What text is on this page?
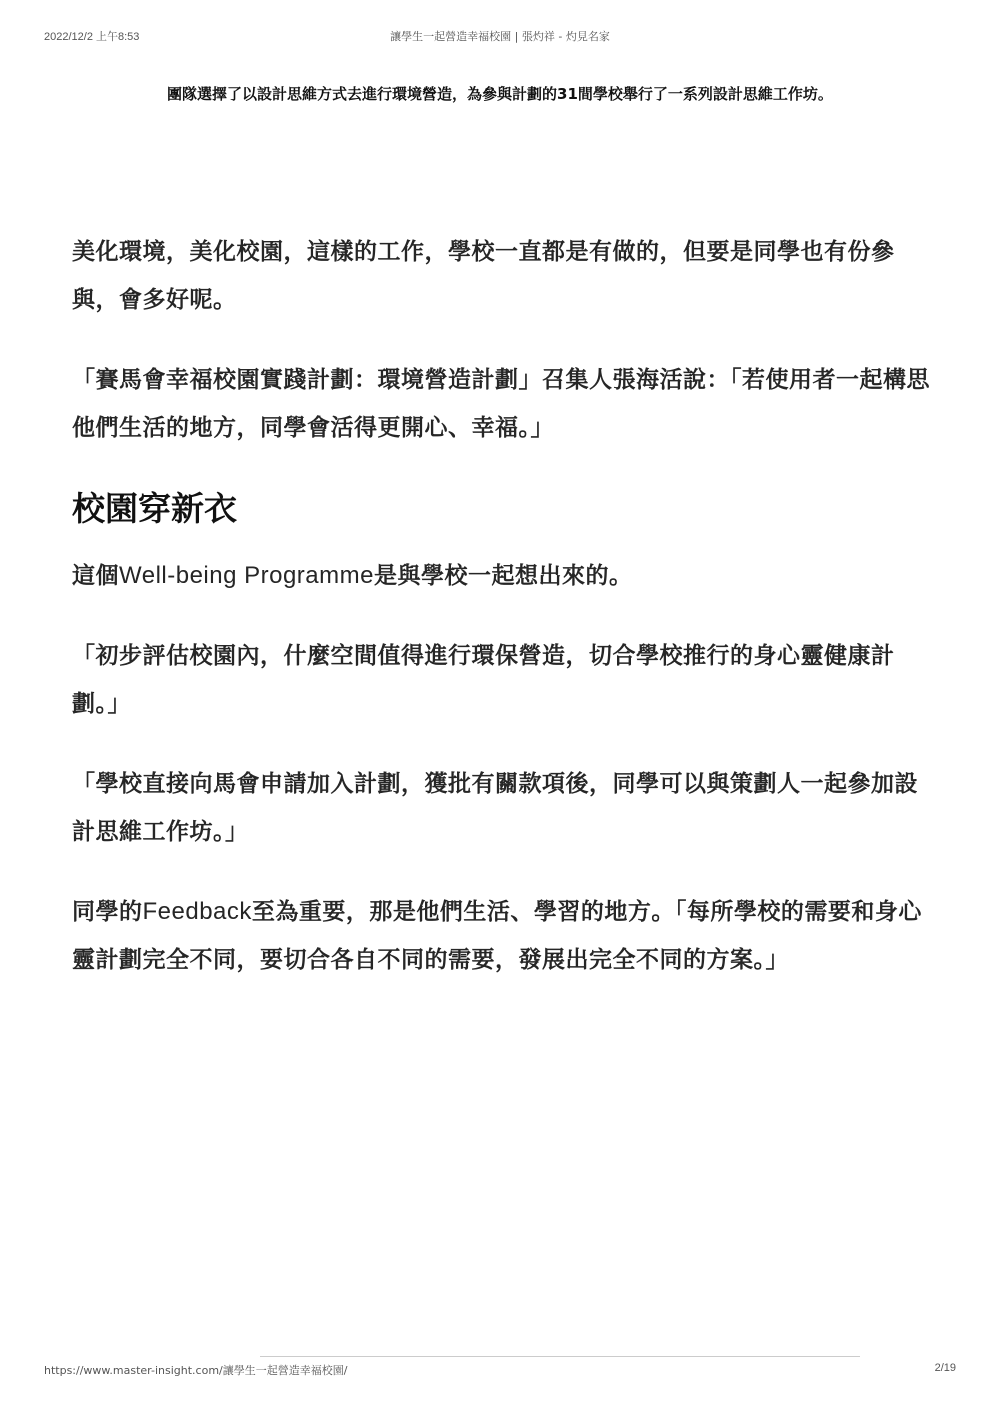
2022/12/2 上午8:53	讓學生一起營造幸福校園 | 張灼祥 - 灼見名家
團隊選擇了以設計思維方式去進行環境營造，為參與計劃的31間學校舉行了一系列設計思維工作坊。

美化環境，美化校園，這樣的工作，學校一直都是有做的，但要是同學也有份參與，會多好呢。

「賽馬會幸福校園實踐計劃：環境營造計劃」召集人張海活說：「若使用者一起構思他們生活的地方，同學會活得更開心、幸福。」

校園穿新衣

這個Well-being Programme是與學校一起想出來的。

「初步評估校園內，什麼空間值得進行環保營造，切合學校推行的身心靈健康計劃。」

「學校直接向馬會申請加入計劃，獲批有關款項後，同學可以與策劃人一起參加設計思維工作坊。」

同學的Feedback至為重要，那是他們生活、學習的地方。「每所學校的需要和身心靈計劃完全不同，要切合各自不同的需要，發展出完全不同的方案。」

https://www.master-insight.com/讓學生一起營造幸福校園/	2/19
